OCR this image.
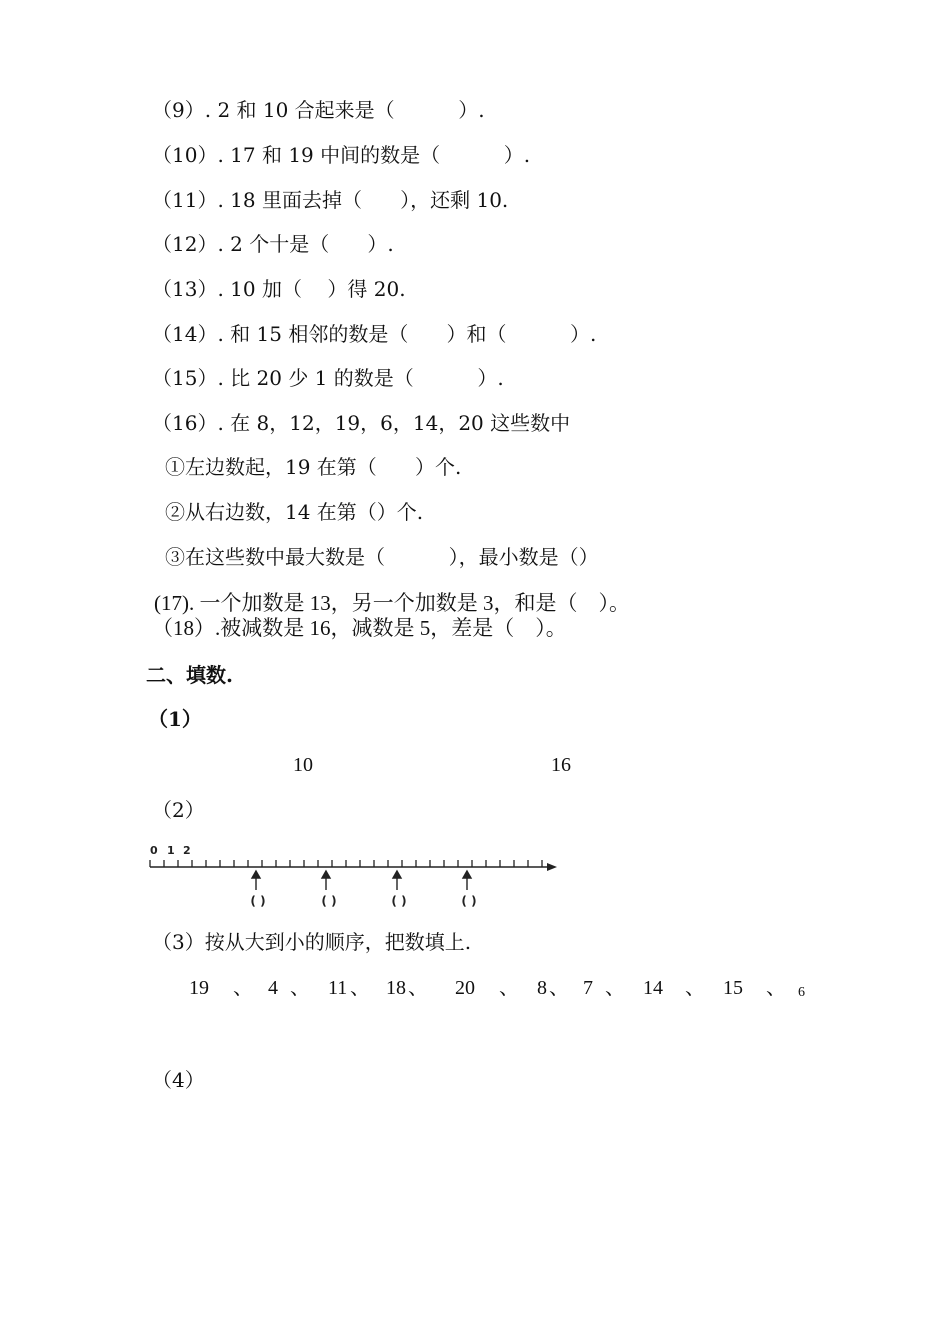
（9）. 2 和 10 合起来是（          ）.
（10）. 17 和 19 中间的数是（          ）.
（11）. 18 里面去掉（      ），还剩 10.
（12）. 2 个十是（      ）.
（13）. 10 加（    ）得 20.
（14）. 和 15 相邻的数是（      ）和（          ）.
（15）. 比 20 少 1 的数是（          ）.
（16）. 在 8，12，19，6，14，20 这些数中
①左边数起，19 在第（      ）个.
②从右边数，14 在第（）个.
③在这些数中最大数是（          ），最小数是（）
(17). 一个加数是 13，另一个加数是 3，和是（    ）。
（18）.被减数是 16，减数是 5，差是（    ）。
二、填数.
（1）
10	16
（2）
0 1 2
( )	( )	( )	( )
（3）按从大到小的顺序，把数填上.
19 、 4 、 11 、 18 、 20 、 8 、 7 、 14 、 15 、 6
（4）
